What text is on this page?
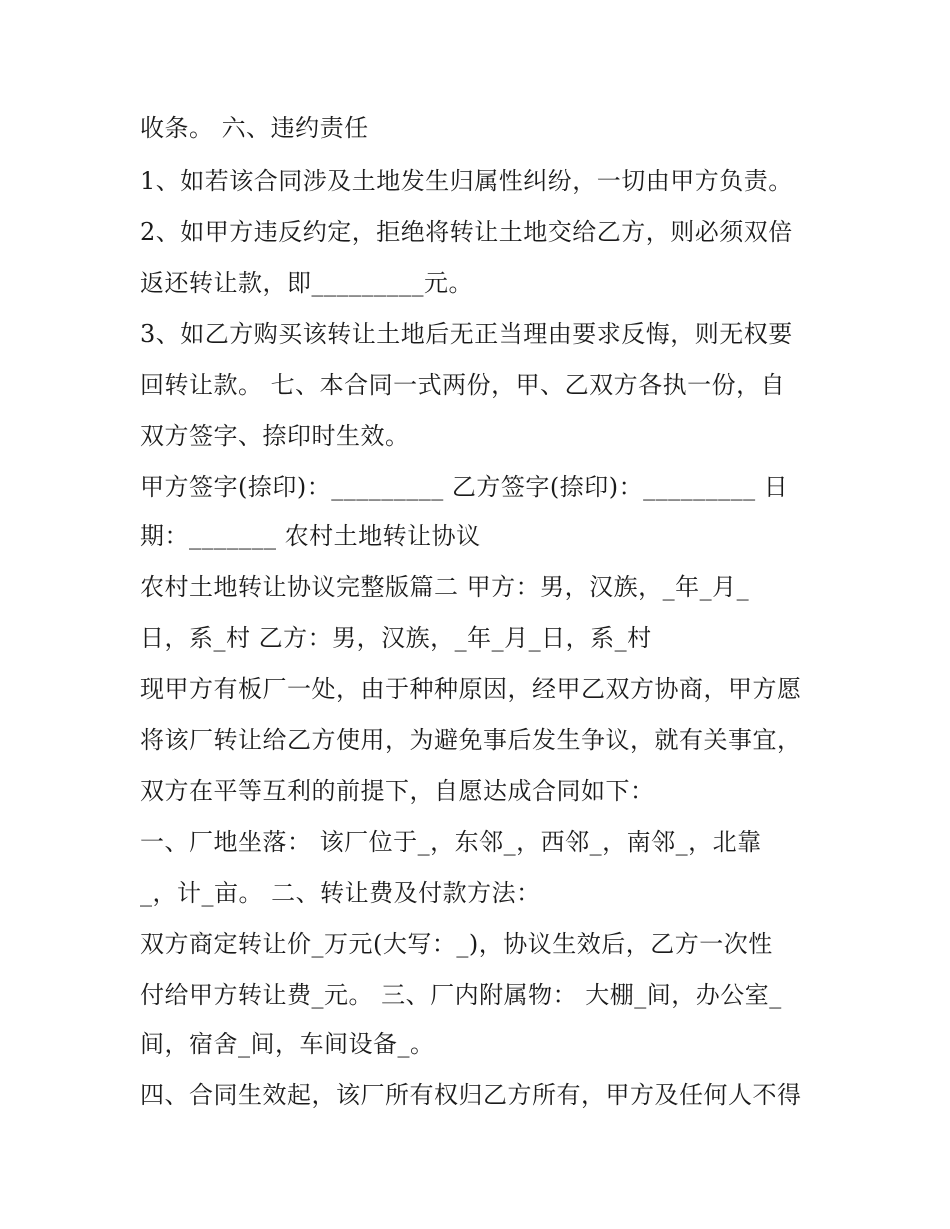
收条。 六、违约责任
1、如若该合同涉及土地发生归属性纠纷，一切由甲方负责。
2、如甲方违反约定，拒绝将转让土地交给乙方，则必须双倍
返还转让款，即_________元。
3、如乙方购买该转让土地后无正当理由要求反悔，则无权要
回转让款。 七、本合同一式两份，甲、乙双方各执一份，自
双方签字、捺印时生效。
甲方签字(捺印)：_________ 乙方签字(捺印)：_________ 日
期：_______ 农村土地转让协议
农村土地转让协议完整版篇二 甲方：男，汉族，_年_月_
日，系_村 乙方：男，汉族，_年_月_日，系_村
现甲方有板厂一处，由于种种原因，经甲乙双方协商，甲方愿
将该厂转让给乙方使用，为避免事后发生争议，就有关事宜，
双方在平等互利的前提下，自愿达成合同如下：
一、厂地坐落： 该厂位于_，东邻_，西邻_，南邻_，北靠
_，计_亩。 二、转让费及付款方法：
双方商定转让价_万元(大写：_)，协议生效后，乙方一次性
付给甲方转让费_元。 三、厂内附属物： 大棚_间，办公室_
间，宿舍_间，车间设备_。
四、合同生效起，该厂所有权归乙方所有，甲方及任何人不得
